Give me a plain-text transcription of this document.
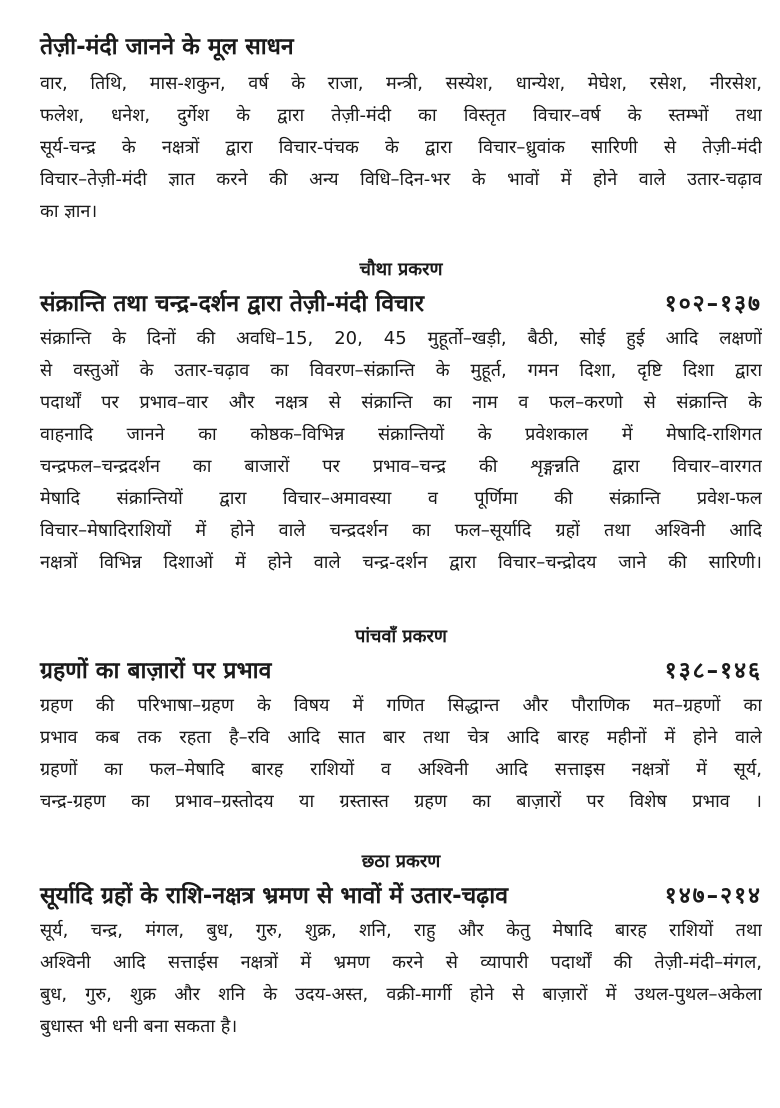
तेज़ी-मंदी जानने के मूल साधन
वार, तिथि, मास-शकुन, वर्ष के राजा, मन्त्री, सस्येश, धान्येश, मेघेश, रसेश, नीरसेश,
फलेश, धनेश, दुर्गेश के द्वारा तेज़ी-मंदी का विस्तृत विचार–वर्ष के स्तम्भों तथा
सूर्य-चन्द्र के नक्षत्रों द्वारा विचार-पंचक के द्वारा विचार–ध्रुवांक सारिणी से तेज़ी-मंदी
विचार–तेज़ी-मंदी ज्ञात करने की अन्य विधि–दिन-भर के भावों में होने वाले उतार-चढ़ाव
का ज्ञान।
चौथा प्रकरण
संक्रान्ति तथा चन्द्र-दर्शन द्वारा तेज़ी-मंदी विचार	१०२–१३७
संक्रान्ति के दिनों की अवधि–15, 20, 45 मुहूर्तो–खड़ी, बैठी, सोई हुई आदि लक्षणों
से वस्तुओं के उतार-चढ़ाव का विवरण–संक्रान्ति के मुहूर्त, गमन दिशा, दृष्टि दिशा द्वारा
पदार्थों पर प्रभाव–वार और नक्षत्र से संक्रान्ति का नाम व फल–करणो से संक्रान्ति के
वाहनादि जानने का कोष्ठक–विभिन्न संक्रान्तियों के प्रवेशकाल में मेषादि-राशिगत
चन्द्रफल–चन्द्रदर्शन का बाजारों पर प्रभाव–चन्द्र की शृङ्गन्नति द्वारा विचार–वारगत
मेषादि संक्रान्तियों द्वारा विचार–अमावस्या व पूर्णिमा की संक्रान्ति प्रवेश-फल
विचार–मेषादिराशियों में होने वाले चन्द्रदर्शन का फल–सूर्यादि ग्रहों तथा अश्विनी आदि
नक्षत्रों विभिन्न दिशाओं में होने वाले चन्द्र-दर्शन द्वारा विचार–चन्द्रोदय जाने की सारिणी।
पांचवाँ प्रकरण
ग्रहणों का बाज़ारों पर प्रभाव	१३८–१४६
ग्रहण की परिभाषा–ग्रहण के विषय में गणित सिद्धान्त और पौराणिक मत–ग्रहणों का
प्रभाव कब तक रहता है–रवि आदि सात बार तथा चेत्र आदि बारह महीनों में होने वाले
ग्रहणों का फल–मेषादि बारह राशियों व अश्विनी आदि सत्ताइस नक्षत्रों में सूर्य,
चन्द्र-ग्रहण का प्रभाव–ग्रस्तोदय या ग्रस्तास्त ग्रहण का बाज़ारों पर विशेष प्रभाव ।
छठा प्रकरण
सूर्यादि ग्रहों के राशि-नक्षत्र भ्रमण से भावों में उतार-चढ़ाव	१४७–२१४
सूर्य, चन्द्र, मंगल, बुध, गुरु, शुक्र, शनि, राहु और केतु मेषादि बारह राशियों तथा
अश्विनी आदि सत्ताईस नक्षत्रों में भ्रमण करने से व्यापारी पदार्थों की तेज़ी-मंदी–मंगल,
बुध, गुरु, शुक्र और शनि के उदय-अस्त, वक्री-मार्गी होने से बाज़ारों में उथल-पुथल–अकेला
बुधास्त भी धनी बना सकता है।
